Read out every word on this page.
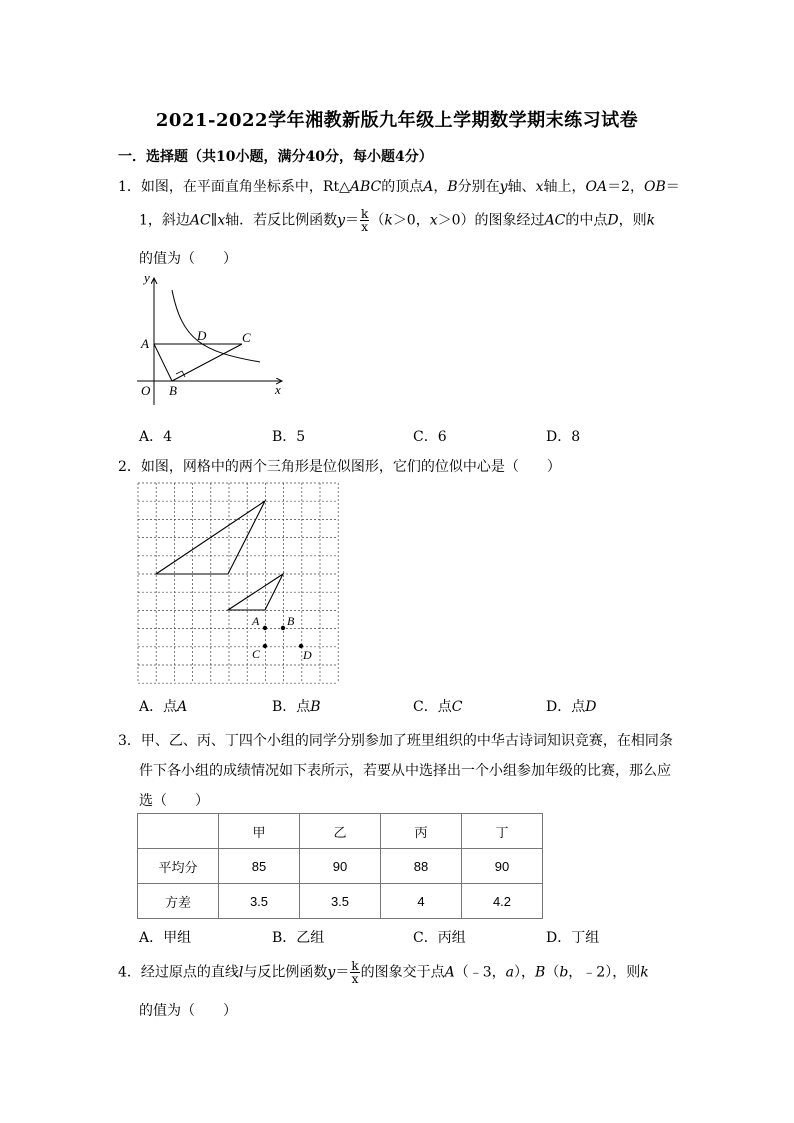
2021-2022学年湘教新版九年级上学期数学期末练习试卷
一．选择题（共10小题，满分40分，每小题4分）
1．如图，在平面直角坐标系中，Rt△ABC的顶点A，B分别在y轴、x轴上，OA＝2，OB＝
1，斜边AC∥x轴．若反比例函数$y= \frac{k}{x} (k>0$，x＞0）的图象经过AC的中点D，则k
的值为（　　）
y
x
O
A
B
C
D
A．4	B．5	C．6	D．8
2．如图，网格中的两个三角形是位似图形，它们的位似中心是（　　）
A B
C	D
A．点A	B．点B	C．点C	D．点D
3．甲、乙、丙、丁四个小组的同学分别参加了班里组织的中华古诗词知识竞赛，在相同条
件下各小组的成绩情况如下表所示，若要从中选择出一个小组参加年级的比赛，那么应
选（　　）
	甲	乙	丙	丁
平均分	85	90	88	90
方差	3.5	3.5	4	4.2
A．甲组	B．乙组	C．丙组	D．丁组
4．经过原点的直线l与反比例函数$y= \frac{k}{x}$ 的图象交于点A（﹣3，a），B（b，﹣2），则k
的值为（　　）
